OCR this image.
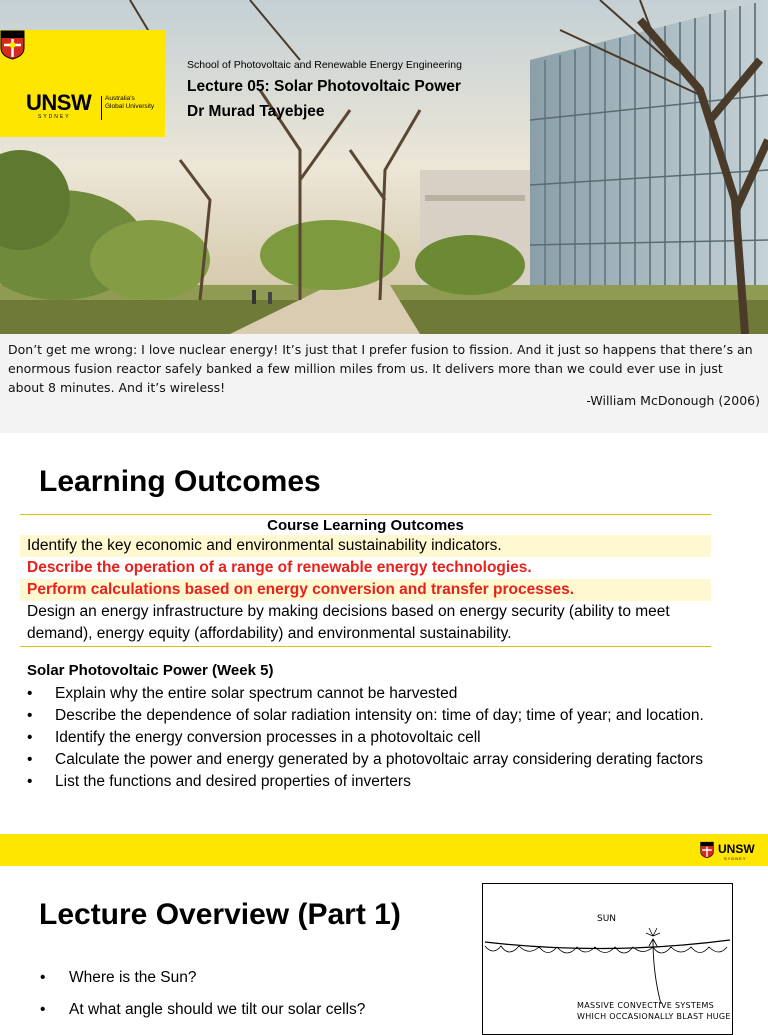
UNSW
SYDNEY
Australia's Global University
School of Photovoltaic and Renewable Energy Engineering
Lecture 05: Solar Photovoltaic Power
Dr Murad Tayebjee
Don’t get me wrong: I love nuclear energy! It’s just that I prefer fusion to fission. And it just so happens that there’s an enormous fusion reactor safely banked a few million miles from us. It delivers more than we could ever use in just about 8 minutes. And it’s wireless!
-William McDonough (2006)
Learning Outcomes
Course Learning Outcomes
Identify the key economic and environmental sustainability indicators.
Describe the operation of a range of renewable energy technologies.
Perform calculations based on energy conversion and transfer processes.
Design an energy infrastructure by making decisions based on energy security (ability to meet demand), energy equity (affordability) and environmental sustainability.
Solar Photovoltaic Power (Week 5)
• Explain why the entire solar spectrum cannot be harvested
• Describe the dependence of solar radiation intensity on: time of day; time of year; and location.
• Identify the energy conversion processes in a photovoltaic cell
• Calculate the power and energy generated by a photovoltaic array considering derating factors
• List the functions and desired properties of inverters
UNSW
SYDNEY
Lecture Overview (Part 1)
• Where is the Sun?
• At what angle should we tilt our solar cells?
SUN
MASSIVE CONVECTIVE SYSTEMS
WHICH OCCASIONALLY BLAST HUGE
